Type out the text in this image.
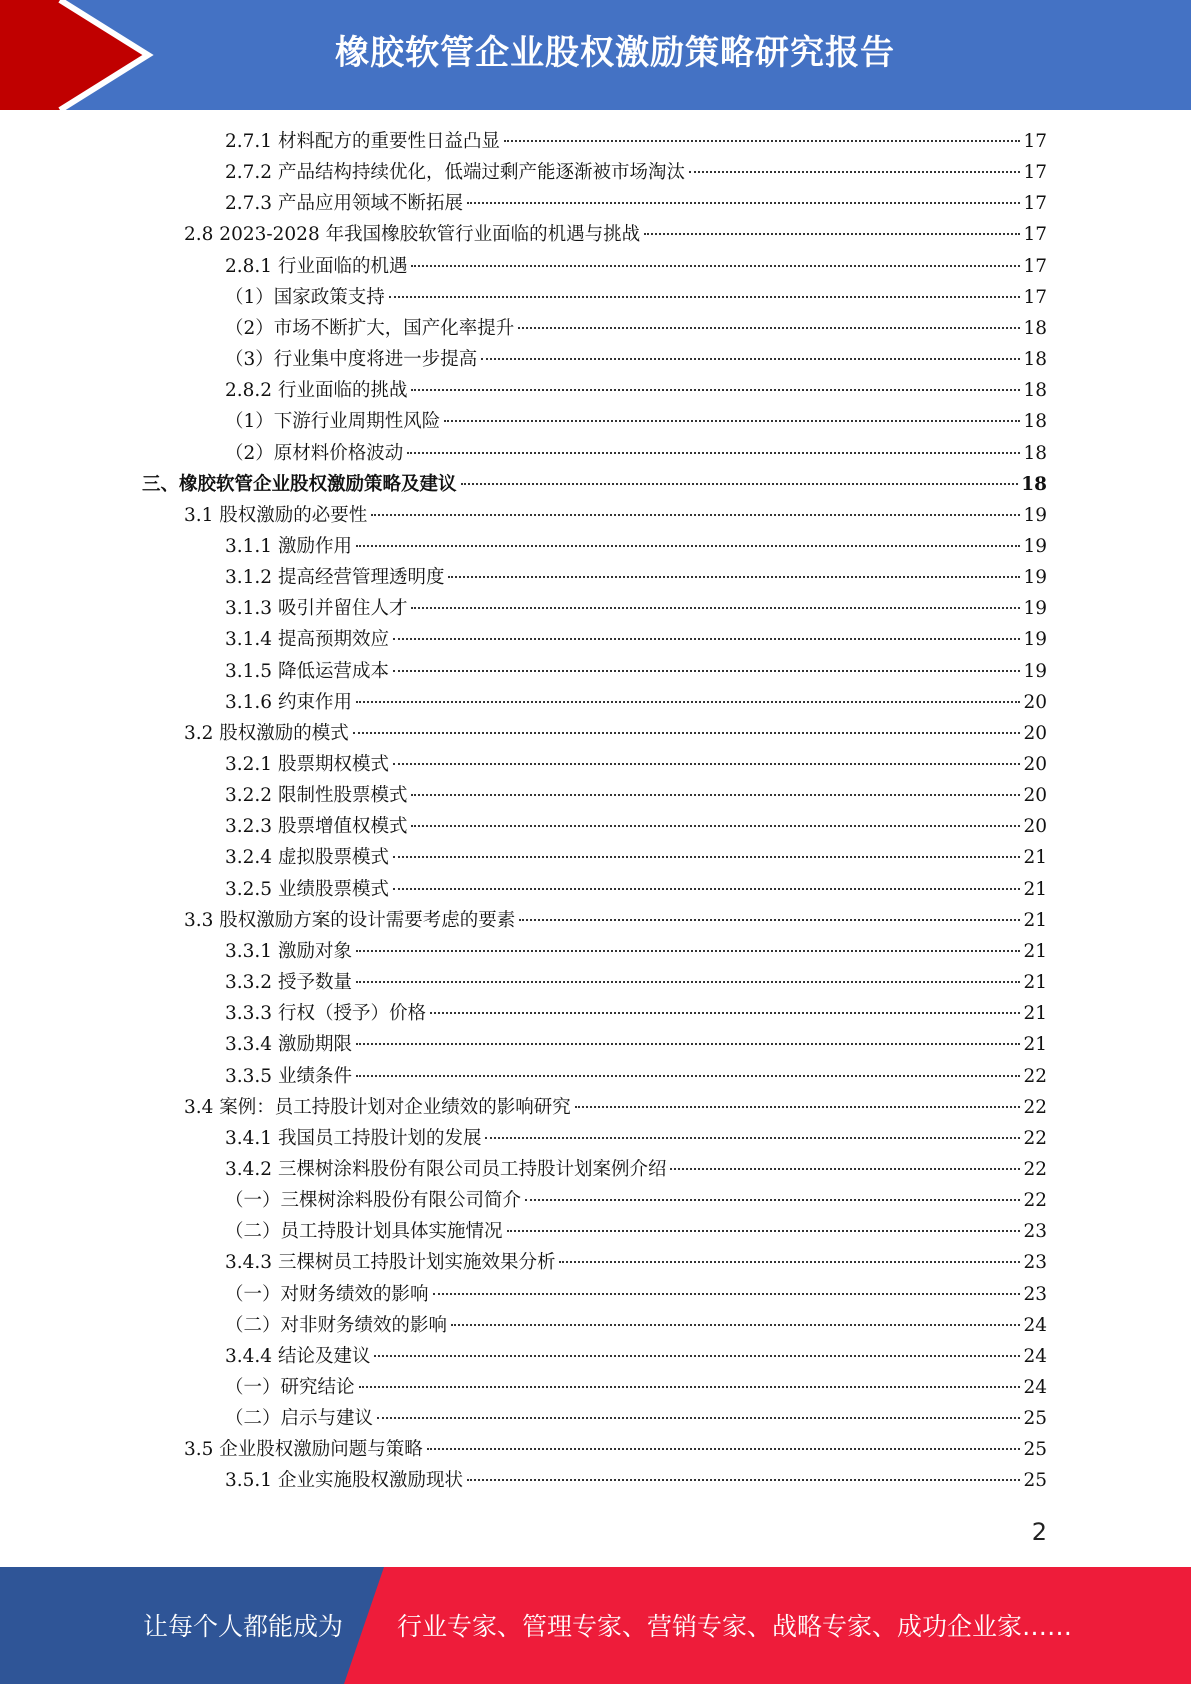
橡胶软管企业股权激励策略研究报告
2.7.1 材料配方的重要性日益凸显	17
2.7.2 产品结构持续优化，低端过剩产能逐渐被市场淘汰	17
2.7.3 产品应用领域不断拓展	17
2.8 2023-2028 年我国橡胶软管行业面临的机遇与挑战	17
2.8.1 行业面临的机遇	17
（1）国家政策支持	17
（2）市场不断扩大，国产化率提升	18
（3）行业集中度将进一步提高	18
2.8.2 行业面临的挑战	18
（1）下游行业周期性风险	18
（2）原材料价格波动	18
三、橡胶软管企业股权激励策略及建议	18
3.1 股权激励的必要性	19
3.1.1 激励作用	19
3.1.2 提高经营管理透明度	19
3.1.3 吸引并留住人才	19
3.1.4 提高预期效应	19
3.1.5 降低运营成本	19
3.1.6 约束作用	20
3.2 股权激励的模式	20
3.2.1 股票期权模式	20
3.2.2 限制性股票模式	20
3.2.3 股票增值权模式	20
3.2.4 虚拟股票模式	21
3.2.5 业绩股票模式	21
3.3 股权激励方案的设计需要考虑的要素	21
3.3.1 激励对象	21
3.3.2 授予数量	21
3.3.3 行权（授予）价格	21
3.3.4 激励期限	21
3.3.5 业绩条件	22
3.4 案例：员工持股计划对企业绩效的影响研究	22
3.4.1 我国员工持股计划的发展	22
3.4.2 三棵树涂料股份有限公司员工持股计划案例介绍	22
（一）三棵树涂料股份有限公司简介	22
（二）员工持股计划具体实施情况	23
3.4.3 三棵树员工持股计划实施效果分析	23
（一）对财务绩效的影响	23
（二）对非财务绩效的影响	24
3.4.4 结论及建议	24
（一）研究结论	24
（二）启示与建议	25
3.5 企业股权激励问题与策略	25
3.5.1 企业实施股权激励现状	25
2
让每个人都能成为 行业专家、管理专家、营销专家、战略专家、成功企业家……
